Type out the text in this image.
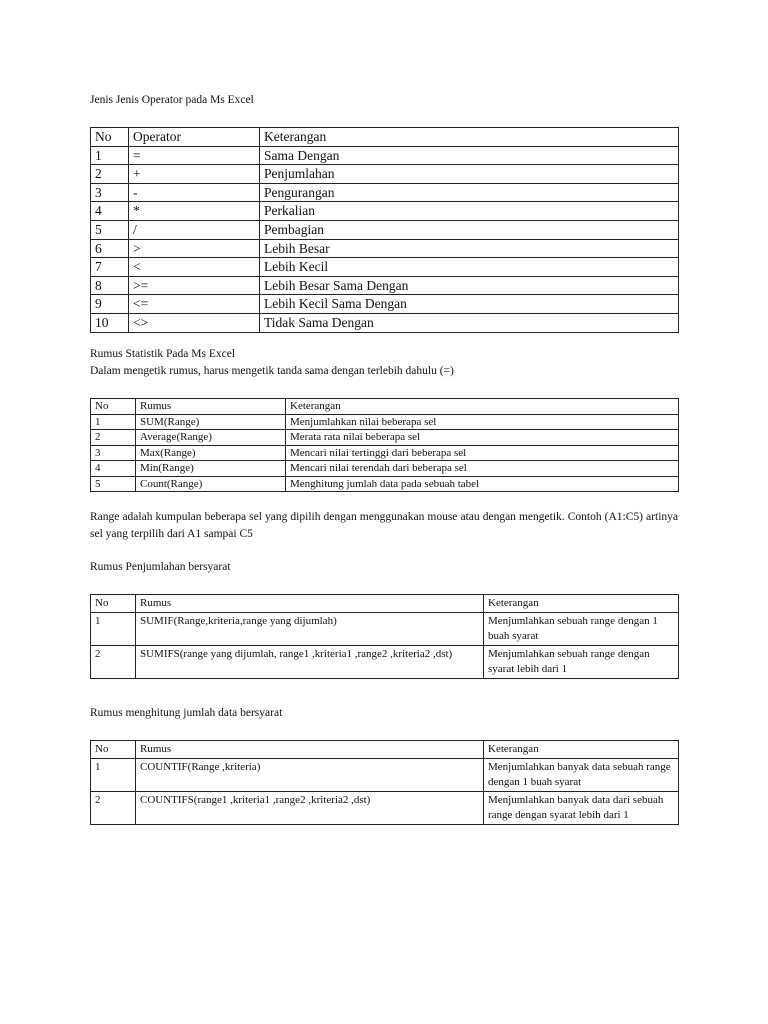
Jenis Jenis Operator pada Ms Excel

No	Operator	Keterangan
1	=	Sama Dengan
2	+	Penjumlahan
3	-	Pengurangan
4	*	Perkalian
5	/	Pembagian
6	>	Lebih Besar
7	<	Lebih Kecil
8	>=	Lebih Besar Sama Dengan
9	<=	Lebih Kecil Sama Dengan
10	<>	Tidak Sama Dengan

Rumus Statistik Pada Ms Excel

Dalam mengetik rumus, harus mengetik tanda sama dengan terlebih dahulu (=)

No	Rumus	Keterangan
1	SUM(Range)	Menjumlahkan nilai beberapa sel
2	Average(Range)	Merata rata nilai beberapa sel
3	Max(Range)	Mencari nilai tertinggi dari beberapa sel
4	Min(Range)	Mencari nilai terendah dari beberapa sel
5	Count(Range)	Menghitung jumlah data pada sebuah tabel

Range adalah kumpulan beberapa sel yang dipilih dengan menggunakan mouse atau dengan mengetik. Contoh (A1:C5) artinya sel yang terpilih dari A1 sampai C5

Rumus Penjumlahan bersyarat

No	Rumus	Keterangan
1	SUMIF(Range,kriteria,range yang dijumlah)	Menjumlahkan sebuah range dengan 1 buah syarat
2	SUMIFS(range yang dijumlah, range1 ,kriteria1 ,range2 ,kriteria2 ,dst)	Menjumlahkan sebuah range dengan syarat lebih dari 1

Rumus menghitung jumlah data bersyarat

No	Rumus	Keterangan
1	COUNTIF(Range ,kriteria)	Menjumlahkan banyak data sebuah range dengan 1 buah syarat
2	COUNTIFS(range1 ,kriteria1 ,range2 ,kriteria2 ,dst)	Menjumlahkan banyak data dari sebuah range dengan syarat lebih dari 1
